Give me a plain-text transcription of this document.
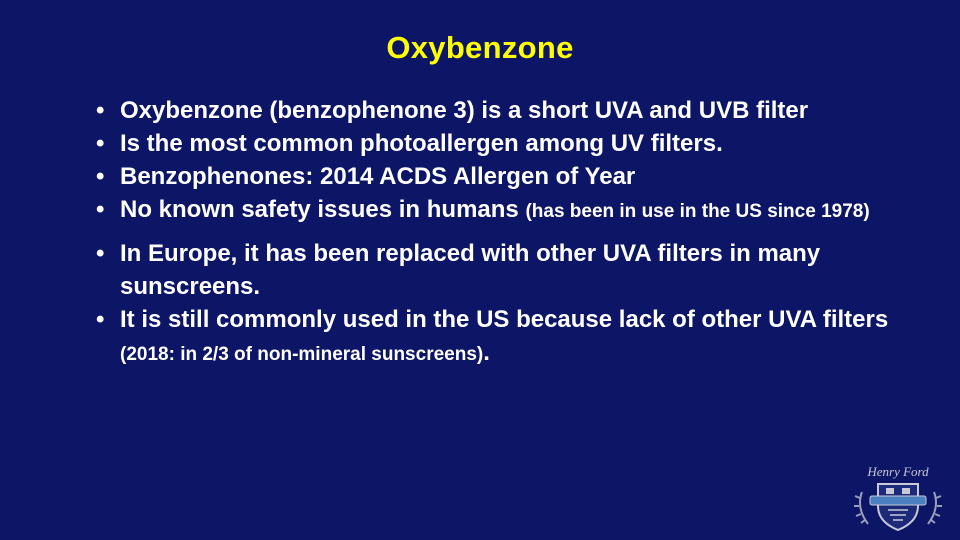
Oxybenzone
• Oxybenzone (benzophenone 3) is a short UVA and UVB filter
• Is the most common photoallergen among UV filters.
• Benzophenones: 2014 ACDS Allergen of Year
• No known safety issues in humans (has been in use in the US since 1978)
• In Europe, it has been replaced with other UVA filters in many sunscreens.
• It is still commonly used in the US because lack of other UVA filters (2018: in 2/3 of non-mineral sunscreens).
Henry Ford
